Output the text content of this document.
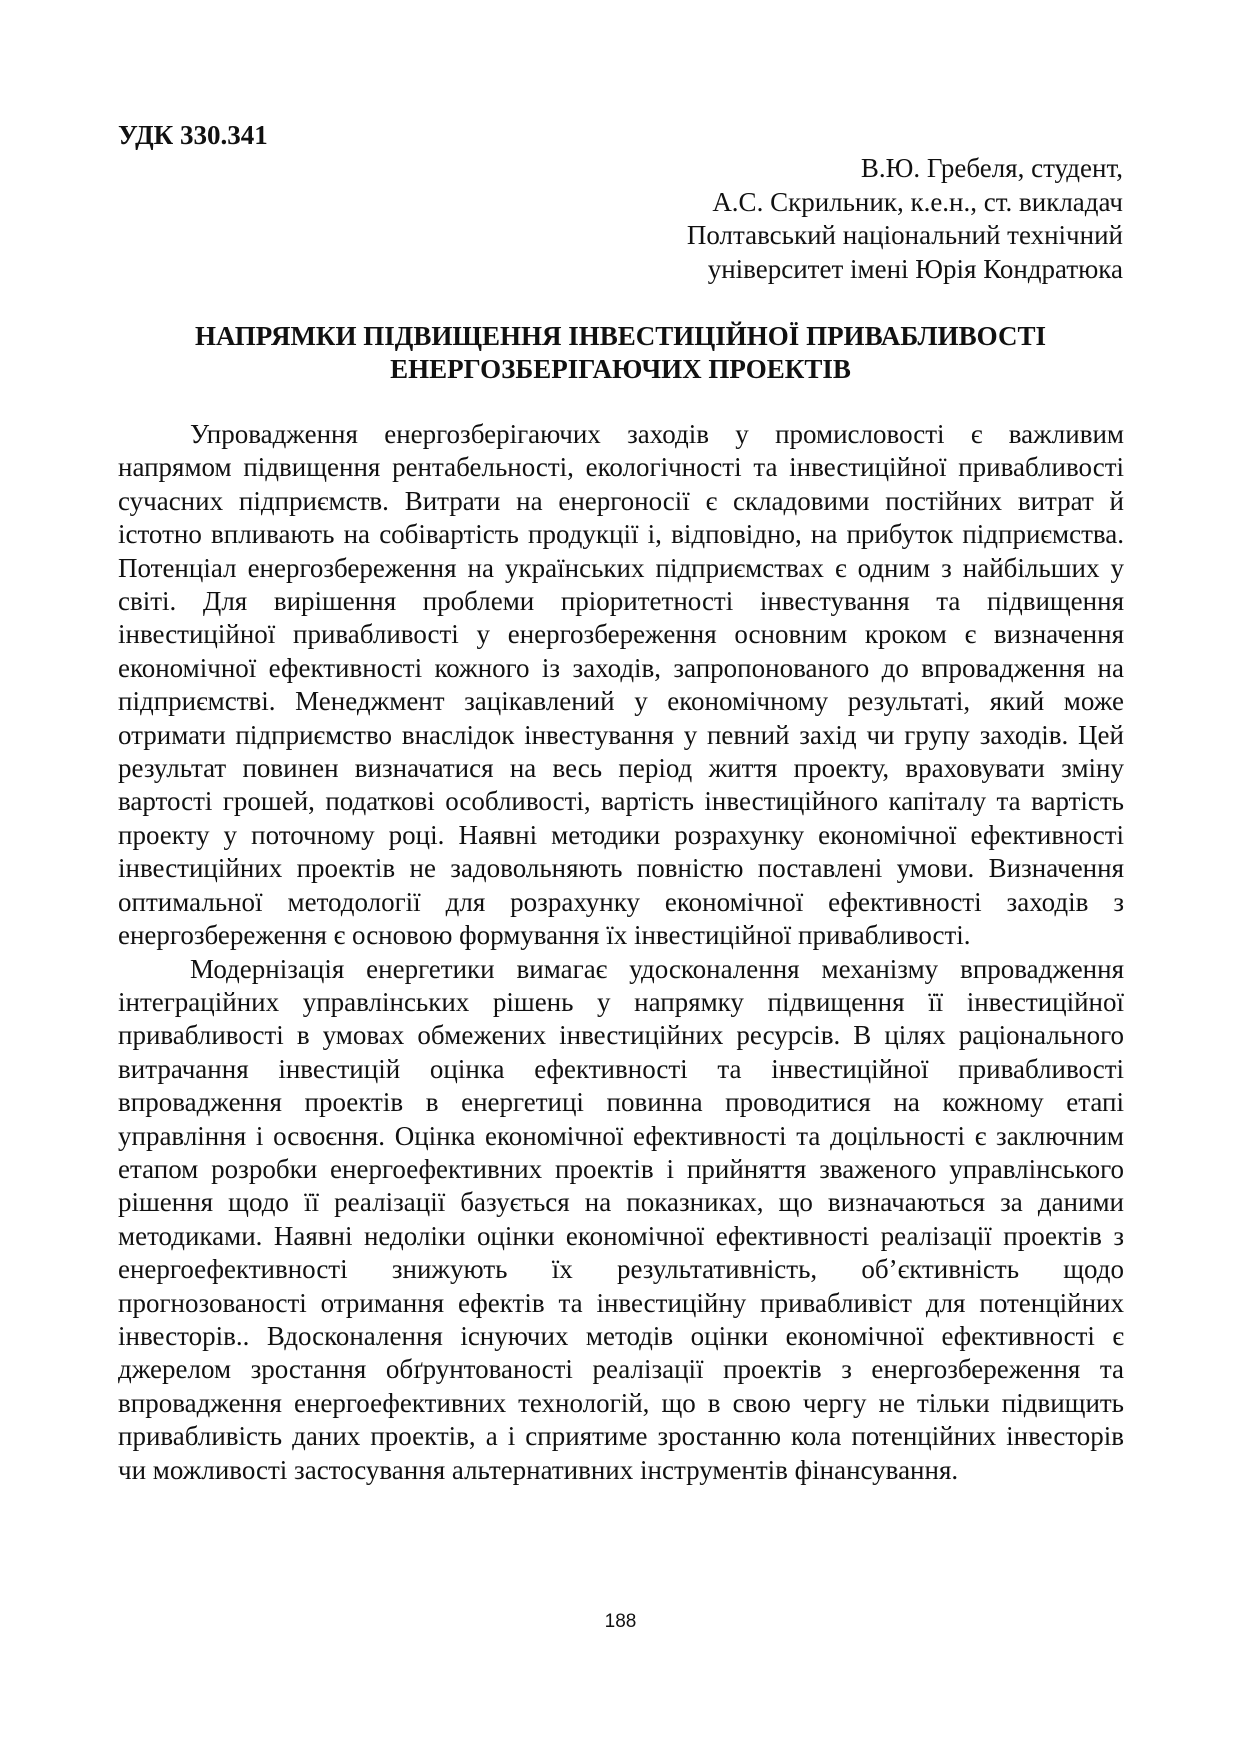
УДК 330.341
В.Ю. Гребеля, студент,
А.С. Скрильник, к.е.н., ст. викладач
Полтавський національний технічний
університет імені Юрія Кондратюка
НАПРЯМКИ ПІДВИЩЕННЯ ІНВЕСТИЦІЙНОЇ ПРИВАБЛИВОСТІ
ЕНЕРГОЗБЕРІГАЮЧИХ ПРОЕКТІВ

Упровадження енергозберігаючих заходів у промисловості є важливим напрямом підвищення рентабельності, екологічності та інвестиційної привабливості сучасних підприємств. Витрати на енергоносії є складовими постійних витрат й істотно впливають на собівартість продукції і, відповідно, на прибуток підприємства. Потенціал енергозбереження на українських підприємствах є одним з найбільших у світі. Для вирішення проблеми пріоритетності інвестування та підвищення інвестиційної привабливості у енергозбереження основним кроком є визначення економічної ефективності кожного із заходів, запропонованого до впровадження на підприємстві. Менеджмент зацікавлений у економічному результаті, який може отримати підприємство внаслідок інвестування у певний захід чи групу заходів. Цей результат повинен визначатися на весь період життя проекту, враховувати зміну вартості грошей, податкові особливості, вартість інвестиційного капіталу та вартість проекту у поточному році. Наявні методики розрахунку економічної ефективності інвестиційних проектів не задовольняють повністю поставлені умови. Визначення оптимальної методології для розрахунку економічної ефективності заходів з енергозбереження є основою формування їх інвестиційної привабливості.

Модернізація енергетики вимагає удосконалення механізму впровадження інтеграційних управлінських рішень у напрямку підвищення її інвестиційної привабливості в умовах обмежених інвестиційних ресурсів. В цілях раціонального витрачання інвестицій оцінка ефективності та інвестиційної привабливості впровадження проектів в енергетиці повинна проводитися на кожному етапі управління і освоєння. Оцінка економічної ефективності та доцільності є заключним етапом розробки енергоефективних проектів і прийняття зваженого управлінського рішення щодо її реалізації базується на показниках, що визначаються за даними методиками. Наявні недоліки оцінки економічної ефективності реалізації проектів з енергоефективності знижують їх результативність, об’єктивність щодо прогнозованості отримання ефектів та інвестиційну привабливіст для потенційних інвесторів.. Вдосконалення існуючих методів оцінки економічної ефективності є джерелом зростання обґрунтованості реалізації проектів з енергозбереження та впровадження енергоефективних технологій, що в свою чергу не тільки підвищить привабливість даних проектів, а і сприятиме зростанню кола потенційних інвесторів чи можливості застосування альтернативних інструментів фінансування.

188
